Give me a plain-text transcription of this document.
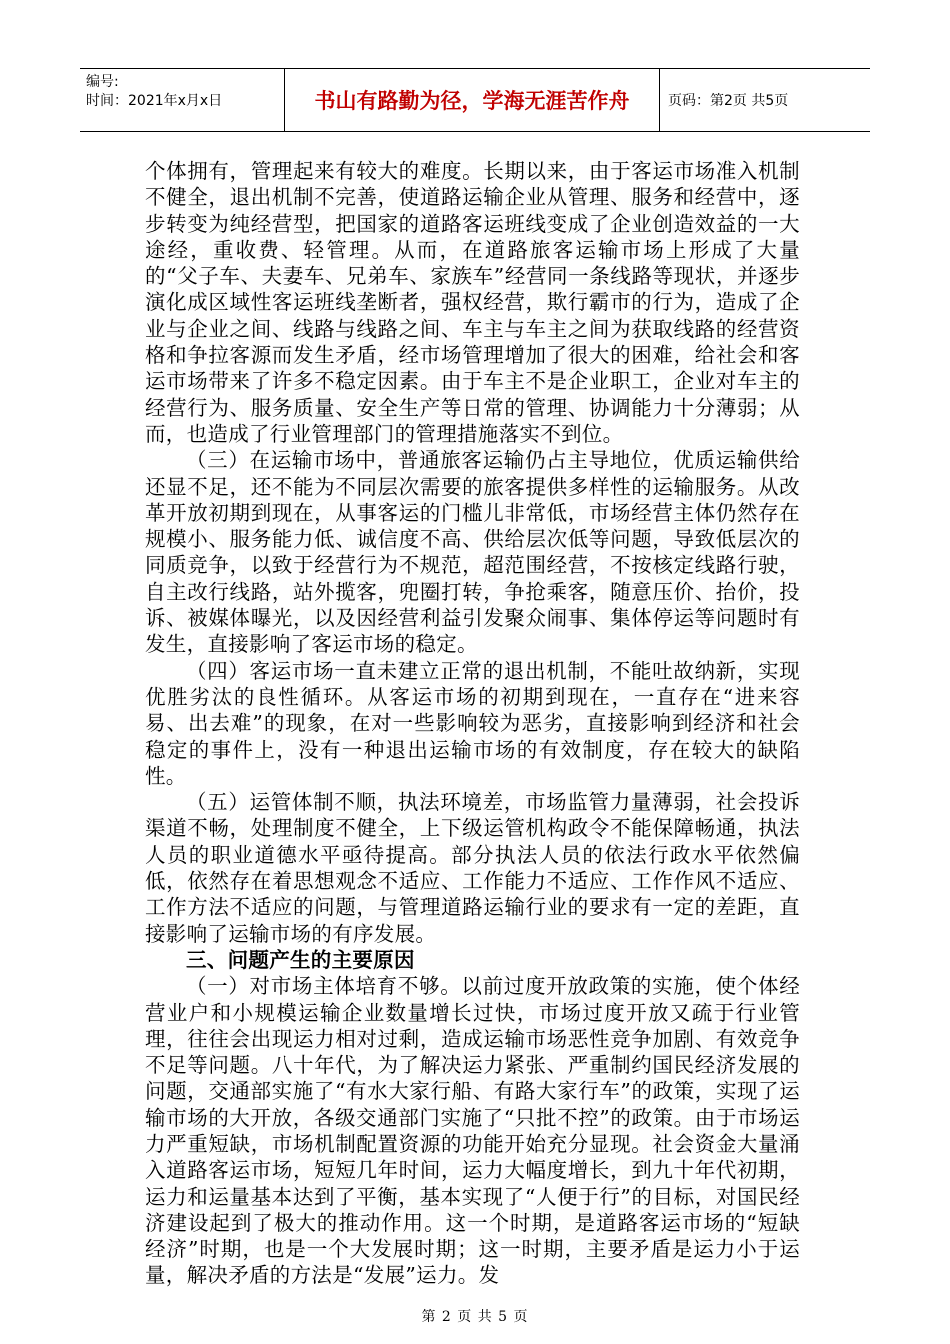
编号:
时间：2021年x月x日	书山有路勤为径，学海无涯苦作舟	页码：第2页 共5页

个体拥有，管理起来有较大的难度。长期以来，由于客运市场准入机制不健全，退出机制不完善，使道路运输企业从管理、服务和经营中，逐步转变为纯经营型，把国家的道路客运班线变成了企业创造效益的一大途经，重收费、轻管理。从而，在道路旅客运输市场上形成了大量的“父子车、夫妻车、兄弟车、家族车”经营同一条线路等现状，并逐步演化成区域性客运班线垄断者，强权经营，欺行霸市的行为，造成了企业与企业之间、线路与线路之间、车主与车主之间为获取线路的经营资格和争拉客源而发生矛盾，经市场管理增加了很大的困难，给社会和客运市场带来了许多不稳定因素。由于车主不是企业职工，企业对车主的经营行为、服务质量、安全生产等日常的管理、协调能力十分薄弱；从而，也造成了行业管理部门的管理措施落实不到位。

（三）在运输市场中，普通旅客运输仍占主导地位，优质运输供给还显不足，还不能为不同层次需要的旅客提供多样性的运输服务。从改革开放初期到现在，从事客运的门槛儿非常低，市场经营主体仍然存在规模小、服务能力低、诚信度不高、供给层次低等问题，导致低层次的同质竞争，以致于经营行为不规范，超范围经营，不按核定线路行驶，自主改行线路，站外揽客，兜圈打转，争抢乘客，随意压价、抬价，投诉、被媒体曝光，以及因经营利益引发聚众闹事、集体停运等问题时有发生，直接影响了客运市场的稳定。

（四）客运市场一直未建立正常的退出机制，不能吐故纳新，实现优胜劣汰的良性循环。从客运市场的初期到现在，一直存在“进来容易、出去难”的现象，在对一些影响较为恶劣，直接影响到经济和社会稳定的事件上，没有一种退出运输市场的有效制度，存在较大的缺陷性。

（五）运管体制不顺，执法环境差，市场监管力量薄弱，社会投诉渠道不畅，处理制度不健全，上下级运管机构政令不能保障畅通，执法人员的职业道德水平亟待提高。部分执法人员的依法行政水平依然偏低，依然存在着思想观念不适应、工作能力不适应、工作作风不适应、工作方法不适应的问题，与管理道路运输行业的要求有一定的差距，直接影响了运输市场的有序发展。

三、问题产生的主要原因

（一）对市场主体培育不够。以前过度开放政策的实施，使个体经营业户和小规模运输企业数量增长过快，市场过度开放又疏于行业管理，往往会出现运力相对过剩，造成运输市场恶性竞争加剧、有效竞争不足等问题。八十年代，为了解决运力紧张、严重制约国民经济发展的问题，交通部实施了“有水大家行船、有路大家行车”的政策，实现了运输市场的大开放，各级交通部门实施了“只批不控”的政策。由于市场运力严重短缺，市场机制配置资源的功能开始充分显现。社会资金大量涌入道路客运市场，短短几年时间，运力大幅度增长，到九十年代初期，运力和运量基本达到了平衡，基本实现了“人便于行”的目标，对国民经济建设起到了极大的推动作用。这一个时期，是道路客运市场的“短缺经济”时期，也是一个大发展时期；这一时期，主要矛盾是运力小于运量，解决矛盾的方法是“发展”运力。发

第 2 页 共 5 页
